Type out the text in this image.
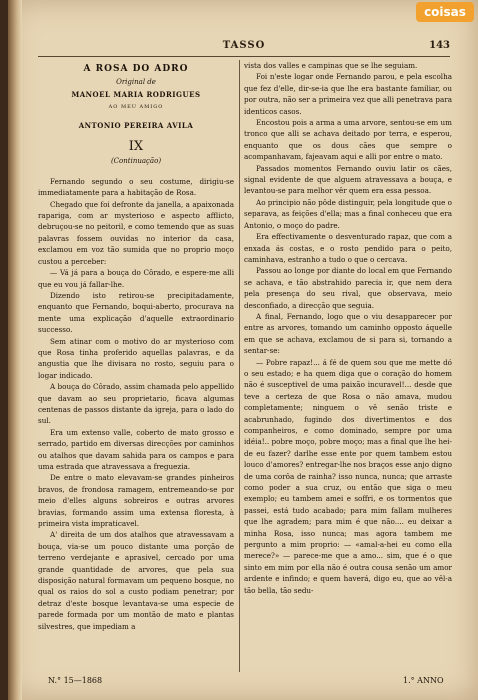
TASSO	143
A ROSA DO ADRO
Original de
MANOEL MARIA RODRIGUES
AO MEU AMIGO
ANTONIO PEREIRA AVILA
IX
(Continuação)

Fernando segundo o seu costume, dirigiu-se immediatamente para a habitação de Rosa.

Chegado que foi defronte da janella, a apaixonada rapariga, com ar mysterioso e aspecto afflicto, debruçou-se no peitoril, e como temendo que as suas palavras fossem ouvidas no interior da casa, exclamou em voz tão sumida que no proprio moço custou a perceber:

— Vá já para a bouça do Côrado, e espere-me alli que eu vou já fallar-lhe.

Dizendo isto retirou-se precipitadamente, enquanto que Fernando, boqui-aberto, procurava na mente uma explicação d'aquelle extraordinario successo.

Sem atinar com o motivo do ar mysterioso com que Rosa tinha proferido aquellas palavras, e da angustia que lhe divisara no rosto, seguiu para o logar indicado.

A bouça do Côrado, assim chamada pelo appellido que davam ao seu proprietario, ficava algumas centenas de passos distante da igreja, para o lado do sul.

Era um extenso valle, coberto de mato grosso e serrado, partido em diversas direcções por caminhos ou atalhos que davam sahida para os campos e para uma estrada que atravessava a freguezia.

De entre o mato elevavam-se grandes pinheiros bravos, de frondosa ramagem, entremeando-se por meio d'elles alguns sobreiros e outras arvores bravias, formando assim uma extensa floresta, à primeira vista impraticavel.

A' direita de um dos atalhos que atravessavam a bouça, via-se um pouco distante uma porção de terreno verdejante e aprasivel, cercado por uma grande quantidade de arvores, que pela sua disposição natural formavam um pequeno bosque, no qual os raios do sol a custo podiam penetrar; por detraz d'este bosque levantava-se uma especie de parede formada por um montão de mato e plantas silvestres, que impediam a

vista dos valles e campinas que se lhe seguiam.

Foi n'este logar onde Fernando parou, e pela escolha que fez d'elle, dir-se-ia que lhe era bastante familiar, ou por outra, não ser a primeira vez que alli penetrava para identicos casos.

Encostou pois a arma a uma arvore, sentou-se em um tronco que alli se achava deitado por terra, e esperou, enquanto que os dous cães que sempre o acompanhavam, fajeavam aqui e alli por entre o mato.

Passados momentos Fernando ouviu latir os cães, signal evidente de que alguem atravessava a bouça, e levantou-se para melhor vêr quem era essa pessoa.

Ao principio não pôde distinguir, pela longitude que o separava, as feições d'ella; mas a final conheceu que era Antonio, o moço do padre.

Era effectivamente o desventurado rapaz, que com a enxada ás costas, e o rosto pendido para o peito, caminhava, estranho a tudo o que o cercava.

Passou ao longe por diante do local em que Fernando se achava, e tão abstrahido parecia ir, que nem dera pela presença do seu rival, que observava, meio desconfiado, a direcção que seguia.

A final, Fernando, logo que o viu desapparecer por entre as arvores, tomando um caminho opposto áquelle em que se achava, exclamou de si para si, tornando a sentar-se:

— Pobre rapaz!... á fé de quem sou que me mette dó o seu estado; e ha quem diga que o coração do homem não é susceptivel de uma paixão incuravel!... desde que teve a certeza de que Rosa o não amava, mudou completamente; ninguem o vê senão triste e acabrunhado, fugindo dos divertimentos e dos companheiros, e como dominado, sempre por uma idéia!.. pobre moço, pobre moço; mas a final que lhe hei-de eu fazer? darlhe esse ente por quem tambem estou louco d'amores? entregar-lhe nos braços esse anjo digno de uma corôa de rainha? isso nunca, nunca; que arraste como poder a sua cruz, ou então que siga o meu exemplo; eu tambem amei e soffri, e os tormentos que passei, está tudo acabado; para mim fallam mulheres que lhe agradem; para mim é que não.... eu deixar a minha Rosa, isso nunca; mas agora tambem me pergunto a mim proprio: — «amal-a-hei eu como ella merece?» — parece-me que a amo... sim, que é o que sinto em mim por ella não é outra cousa senão um amor ardente e infindo; e quem haverá, digo eu, que ao vêl-a tão bella, tão sedu-

N.° 15—1868	1.° ANNO
coisas
